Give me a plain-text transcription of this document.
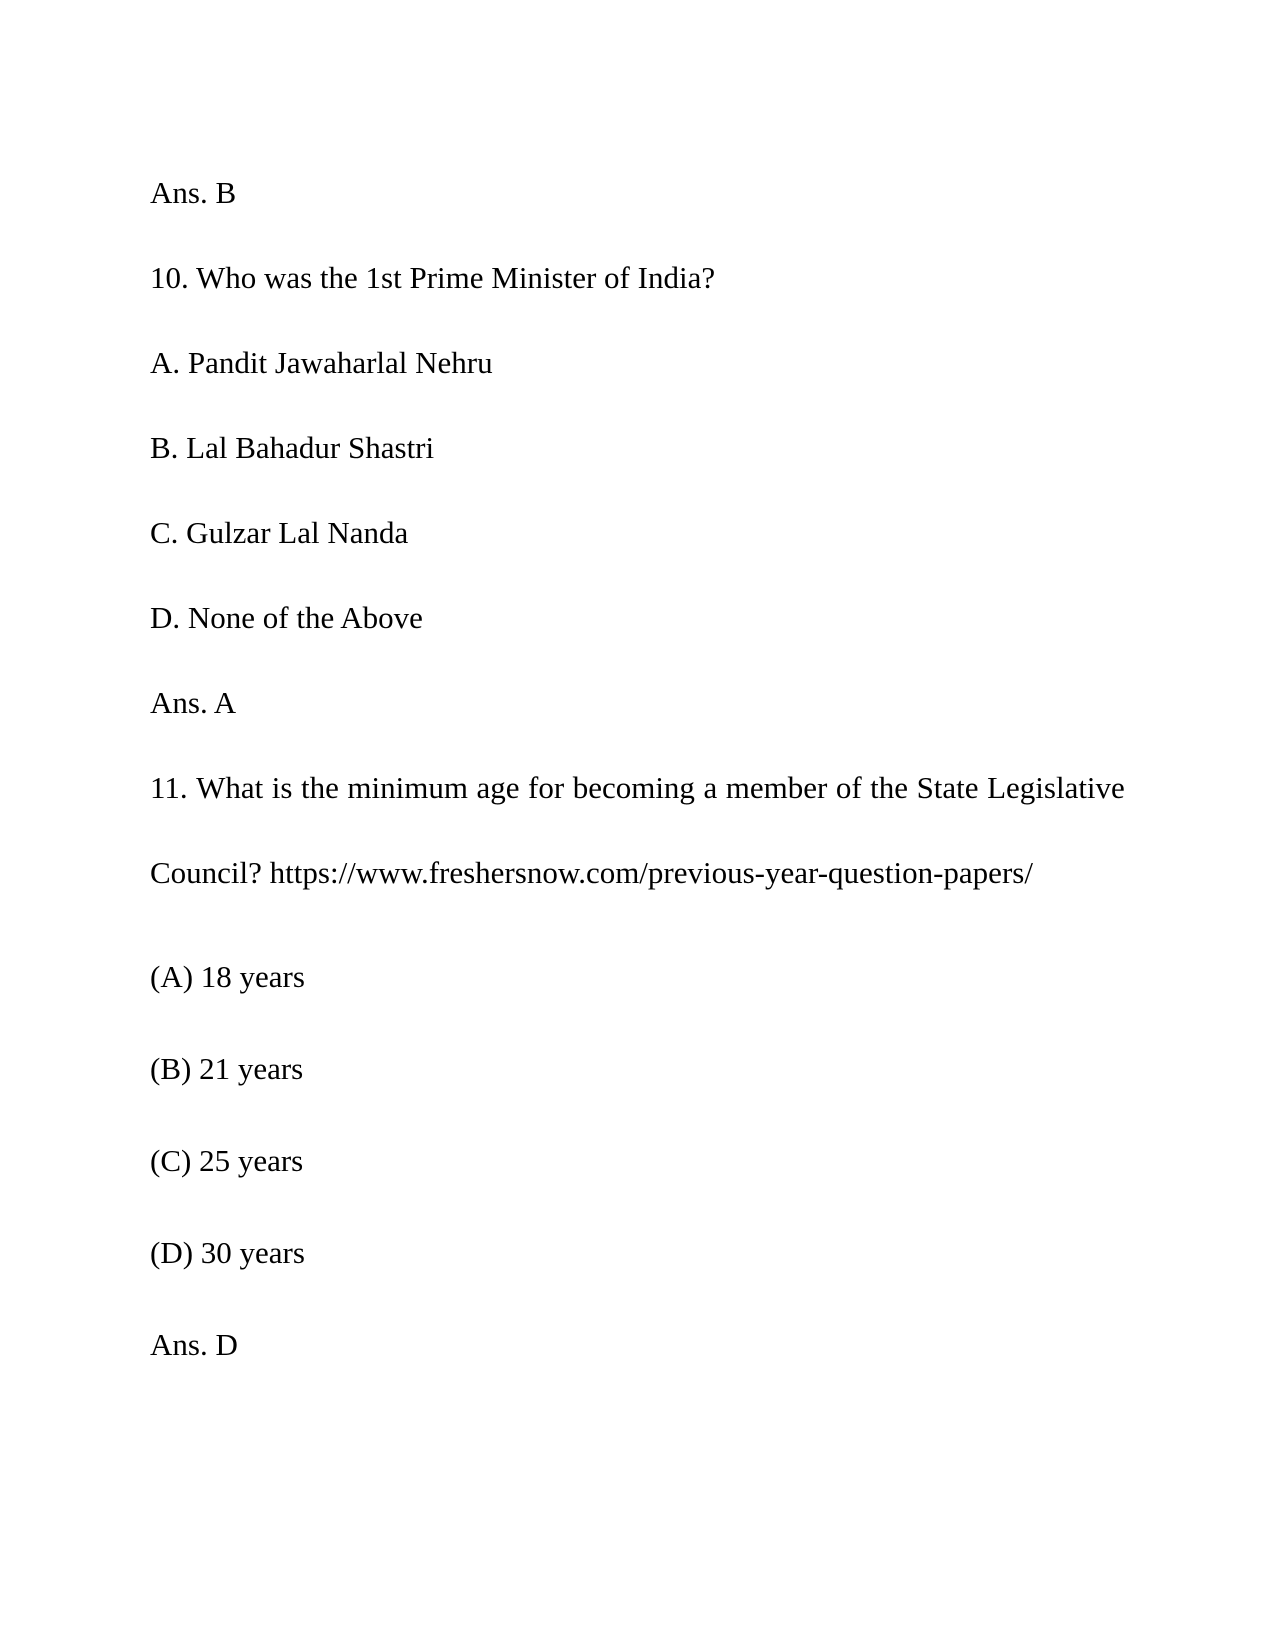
Ans. B
10. Who was the 1st Prime Minister of India?
A. Pandit Jawaharlal Nehru
B. Lal Bahadur Shastri
C. Gulzar Lal Nanda
D. None of the Above
Ans. A
11. What is the minimum age for becoming a member of the State Legislative
Council? https://www.freshersnow.com/previous-year-question-papers/
(A) 18 years
(B) 21 years
(C) 25 years
(D) 30 years
Ans. D
